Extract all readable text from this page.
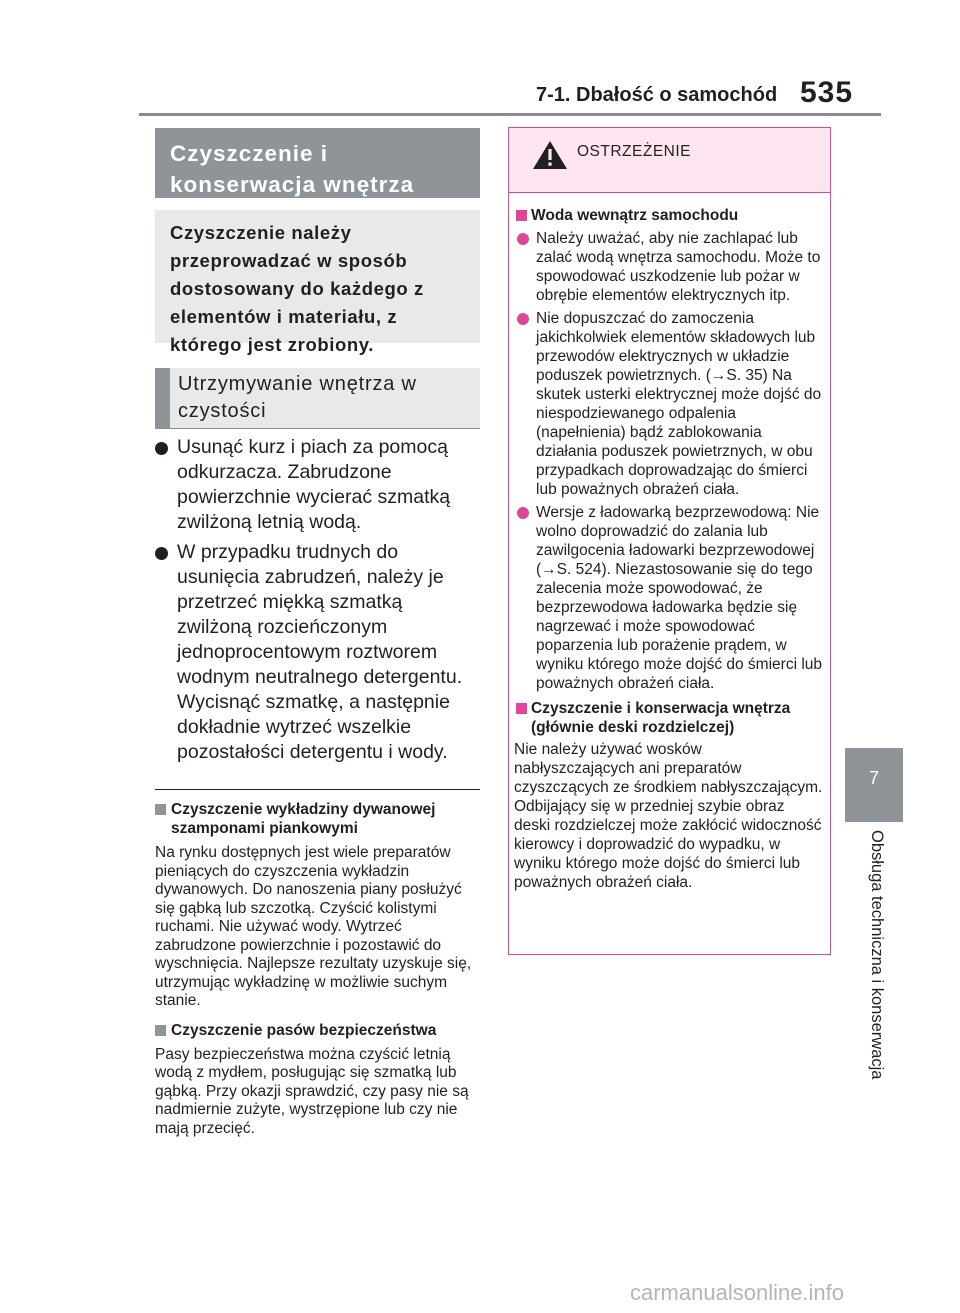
7-1. Dbałość o samochód 535
7
Obsługa techniczna i konserwacja
Czyszczenie i konserwacja wnętrza
Czyszczenie należy przeprowadzać w sposób dostosowany do każdego z elementów i materiału, z którego jest zrobiony.
Utrzymywanie wnętrza w czystości
Usunąć kurz i piach za pomocą odkurzacza. Zabrudzone powierzchnie wycierać szmatką zwilżoną letnią wodą.
W przypadku trudnych do usunięcia zabrudzeń, należy je przetrzeć miękką szmatką zwilżoną rozcieńczonym jednoprocentowym roztworem wodnym neutralnego detergentu.
Wycisnąć szmatkę, a następnie dokładnie wytrzeć wszelkie pozostałości detergentu i wody.
Czyszczenie wykładziny dywanowej szamponami piankowymi
Na rynku dostępnych jest wiele preparatów pieniących do czyszczenia wykładzin dywanowych. Do nanoszenia piany posłużyć się gąbką lub szczotką. Czyścić kolistymi ruchami. Nie używać wody. Wytrzeć zabrudzone powierzchnie i pozostawić do wyschnięcia. Najlepsze rezultaty uzyskuje się, utrzymując wykładzinę w możliwie suchym stanie.
Czyszczenie pasów bezpieczeństwa
Pasy bezpieczeństwa można czyścić letnią wodą z mydłem, posługując się szmatką lub gąbką. Przy okazji sprawdzić, czy pasy nie są nadmiernie zużyte, wystrzępione lub czy nie mają przecięć.
OSTRZEŻENIE
Woda wewnątrz samochodu
Należy uważać, aby nie zachlapać lub zalać wodą wnętrza samochodu. Może to spowodować uszkodzenie lub pożar w obrębie elementów elektrycznych itp.
Nie dopuszczać do zamoczenia jakichkolwiek elementów składowych lub przewodów elektrycznych w układzie poduszek powietrznych. (→S. 35) Na skutek usterki elektrycznej może dojść do niespodziewanego odpalenia (napełnienia) bądź zablokowania działania poduszek powietrznych, w obu przypadkach doprowadzając do śmierci lub poważnych obrażeń ciała.
Wersje z ładowarką bezprzewodową: Nie wolno doprowadzić do zalania lub zawilgocenia ładowarki bezprzewodowej (→S. 524). Niezastosowanie się do tego zalecenia może spowodować, że bezprzewodowa ładowarka będzie się nagrzewać i może spowodować poparzenia lub porażenie prądem, w wyniku którego może dojść do śmierci lub poważnych obrażeń ciała.
Czyszczenie i konserwacja wnętrza (głównie deski rozdzielczej)
Nie należy używać wosków nabłyszczających ani preparatów czyszczących ze środkiem nabłyszczającym. Odbijający się w przedniej szybie obraz deski rozdzielczej może zakłócić widoczność kierowcy i doprowadzić do wypadku, w wyniku którego może dojść do śmierci lub poważnych obrażeń ciała.
carmanualsonline.info
